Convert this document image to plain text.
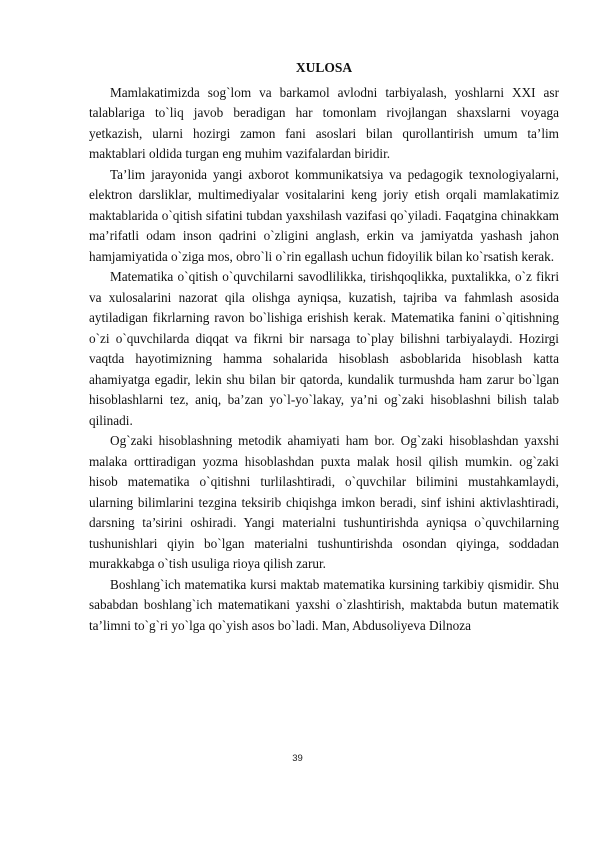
XULOSA

Mamlakatimizda sog`lom va barkamol avlodni tarbiyalash, yoshlarni XXI asr talablariga to`liq javob beradigan har tomonlam rivojlangan shaxslarni voyaga yetkazish, ularni hozirgi zamon fani asoslari bilan qurollantirish umum ta’lim maktablari oldida turgan eng muhim vazifalardan biridir.

Ta’lim jarayonida yangi axborot kommunikatsiya va pedagogik texnologiyalarni, elektron darsliklar, multimediyalar vositalarini keng joriy etish orqali mamlakatimiz maktablarida o`qitish sifatini tubdan yaxshilash vazifasi qo`yiladi. Faqatgina chinakkam ma’rifatli odam inson qadrini o`zligini anglash, erkin va jamiyatda yashash jahon hamjamiyatida o`ziga mos, obro`li o`rin egallash uchun fidoyilik bilan ko`rsatish kerak.

Matematika o`qitish o`quvchilarni savodlilikka, tirishqoqlikka, puxtalikka, o`z fikri va xulosalarini nazorat qila olishga ayniqsa, kuzatish, tajriba va fahmlash asosida aytiladigan fikrlarning ravon bo`lishiga erishish kerak. Matematika fanini o`qitishning o`zi o`quvchilarda diqqat va fikrni bir narsaga to`play bilishni tarbiyalaydi. Hozirgi vaqtda hayotimizning hamma sohalarida hisoblash asboblarida hisoblash katta ahamiyatga egadir, lekin shu bilan bir qatorda, kundalik turmushda ham zarur bo`lgan hisoblashlarni tez, aniq, ba’zan yo`l-yo`lakay, ya’ni og`zaki hisoblashni bilish talab qilinadi.

Og`zaki hisoblashning metodik ahamiyati ham bor. Og`zaki hisoblashdan yaxshi malaka orttiradigan yozma hisoblashdan puxta malak hosil qilish mumkin. og`zaki hisob matematika o`qitishni turlilashtiradi, o`quvchilar bilimini mustahkamlaydi, ularning bilimlarini tezgina teksirib chiqishga imkon beradi, sinf ishini aktivlashtiradi, darsning ta’sirini oshiradi. Yangi materialni tushuntirishda ayniqsa o`quvchilarning tushunishlari qiyin bo`lgan materialni tushuntirishda osondan qiyinga, soddadan murakkabga o`tish usuliga rioya qilish zarur.

Boshlang`ich matematika kursi maktab matematika kursining tarkibiy qismidir. Shu sababdan boshlang`ich matematikani yaxshi o`zlashtirish, maktabda butun matematik ta’limni to`g`ri yo`lga qo`yish asos bo`ladi. Man, Abdusoliyeva Dilnoza

39
